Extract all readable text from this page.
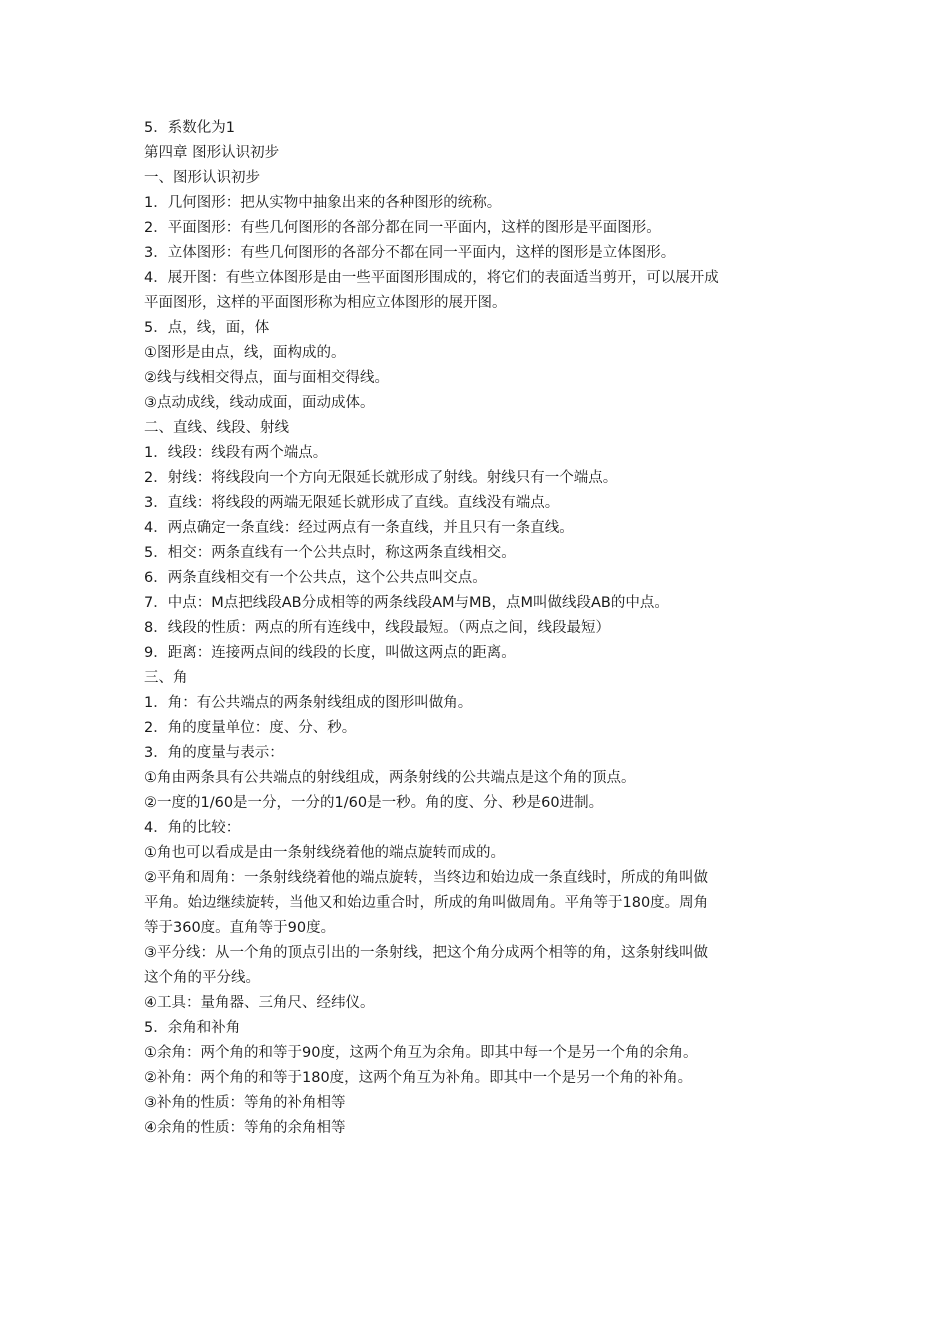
5．系数化为1
第四章 图形认识初步
一、图形认识初步
1．几何图形：把从实物中抽象出来的各种图形的统称。
2．平面图形：有些几何图形的各部分都在同一平面内，这样的图形是平面图形。
3．立体图形：有些几何图形的各部分不都在同一平面内，这样的图形是立体图形。
4．展开图：有些立体图形是由一些平面图形围成的，将它们的表面适当剪开，可以展开成
平面图形，这样的平面图形称为相应立体图形的展开图。
5．点，线，面，体
①图形是由点，线，面构成的。
②线与线相交得点，面与面相交得线。
③点动成线，线动成面，面动成体。
二、直线、线段、射线
1．线段：线段有两个端点。
2．射线：将线段向一个方向无限延长就形成了射线。射线只有一个端点。
3．直线：将线段的两端无限延长就形成了直线。直线没有端点。
4．两点确定一条直线：经过两点有一条直线，并且只有一条直线。
5．相交：两条直线有一个公共点时，称这两条直线相交。
6．两条直线相交有一个公共点，这个公共点叫交点。
7．中点：M点把线段AB分成相等的两条线段AM与MB，点M叫做线段AB的中点。
8．线段的性质：两点的所有连线中，线段最短。（两点之间，线段最短）
9．距离：连接两点间的线段的长度，叫做这两点的距离。
三、角
1．角：有公共端点的两条射线组成的图形叫做角。
2．角的度量单位：度、分、秒。
3．角的度量与表示：
①角由两条具有公共端点的射线组成，两条射线的公共端点是这个角的顶点。
②一度的1/60是一分，一分的1/60是一秒。角的度、分、秒是60进制。
4．角的比较：
①角也可以看成是由一条射线绕着他的端点旋转而成的。
②平角和周角：一条射线绕着他的端点旋转，当终边和始边成一条直线时，所成的角叫做
平角。始边继续旋转，当他又和始边重合时，所成的角叫做周角。平角等于180度。周角
等于360度。直角等于90度。
③平分线：从一个角的顶点引出的一条射线，把这个角分成两个相等的角，这条射线叫做
这个角的平分线。
④工具：量角器、三角尺、经纬仪。
5．余角和补角
①余角：两个角的和等于90度，这两个角互为余角。即其中每一个是另一个角的余角。
②补角：两个角的和等于180度，这两个角互为补角。即其中一个是另一个角的补角。
③补角的性质：等角的补角相等
④余角的性质：等角的余角相等
